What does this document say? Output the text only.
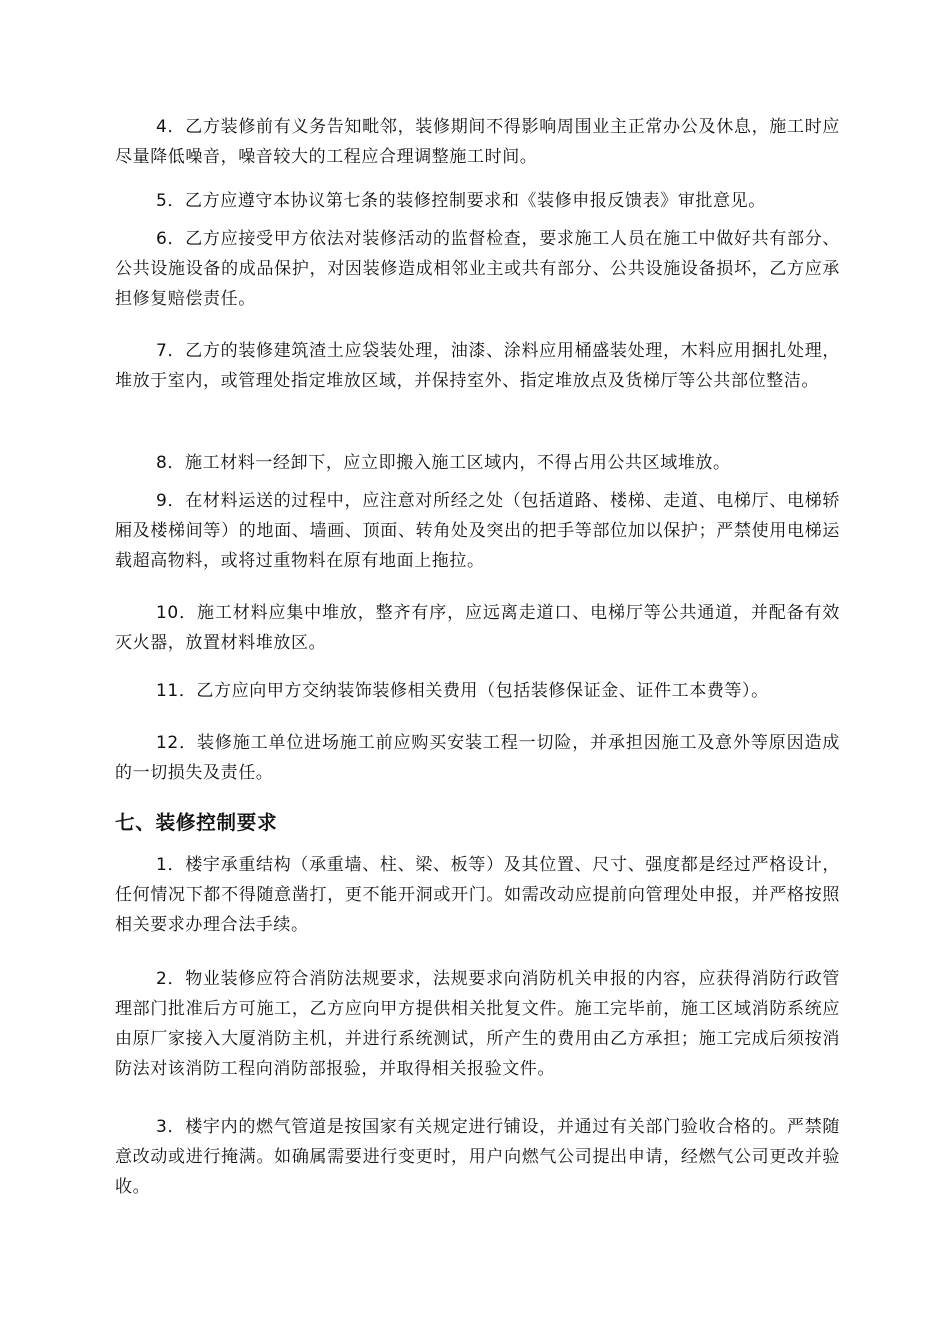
4．乙方装修前有义务告知毗邻，装修期间不得影响周围业主正常办公及休息，施工时应尽量降低噪音，噪音较大的工程应合理调整施工时间。

5．乙方应遵守本协议第七条的装修控制要求和《装修申报反馈表》审批意见。

6．乙方应接受甲方依法对装修活动的监督检查，要求施工人员在施工中做好共有部分、公共设施设备的成品保护，对因装修造成相邻业主或共有部分、公共设施设备损坏，乙方应承担修复赔偿责任。

7．乙方的装修建筑渣土应袋装处理，油漆、涂料应用桶盛装处理，木料应用捆扎处理，堆放于室内，或管理处指定堆放区域，并保持室外、指定堆放点及货梯厅等公共部位整洁。

8．施工材料一经卸下，应立即搬入施工区域内，不得占用公共区域堆放。

9．在材料运送的过程中，应注意对所经之处（包括道路、楼梯、走道、电梯厅、电梯轿厢及楼梯间等）的地面、墙画、顶面、转角处及突出的把手等部位加以保护；严禁使用电梯运载超高物料，或将过重物料在原有地面上拖拉。

10．施工材料应集中堆放，整齐有序，应远离走道口、电梯厅等公共通道，并配备有效灭火器，放置材料堆放区。

11．乙方应向甲方交纳装饰装修相关费用（包括装修保证金、证件工本费等）。

12．装修施工单位进场施工前应购买安装工程一切险，并承担因施工及意外等原因造成的一切损失及责任。

七、装修控制要求

1．楼宇承重结构（承重墙、柱、梁、板等）及其位置、尺寸、强度都是经过严格设计，任何情况下都不得随意凿打，更不能开洞或开门。如需改动应提前向管理处申报，并严格按照相关要求办理合法手续。

2．物业装修应符合消防法规要求，法规要求向消防机关申报的内容，应获得消防行政管理部门批准后方可施工，乙方应向甲方提供相关批复文件。施工完毕前，施工区域消防系统应由原厂家接入大厦消防主机，并进行系统测试，所产生的费用由乙方承担；施工完成后须按消防法对该消防工程向消防部报验，并取得相关报验文件。

3．楼宇内的燃气管道是按国家有关规定进行铺设，并通过有关部门验收合格的。严禁随意改动或进行掩满。如确属需要进行变更时，用户向燃气公司提出申请，经燃气公司更改并验收。
